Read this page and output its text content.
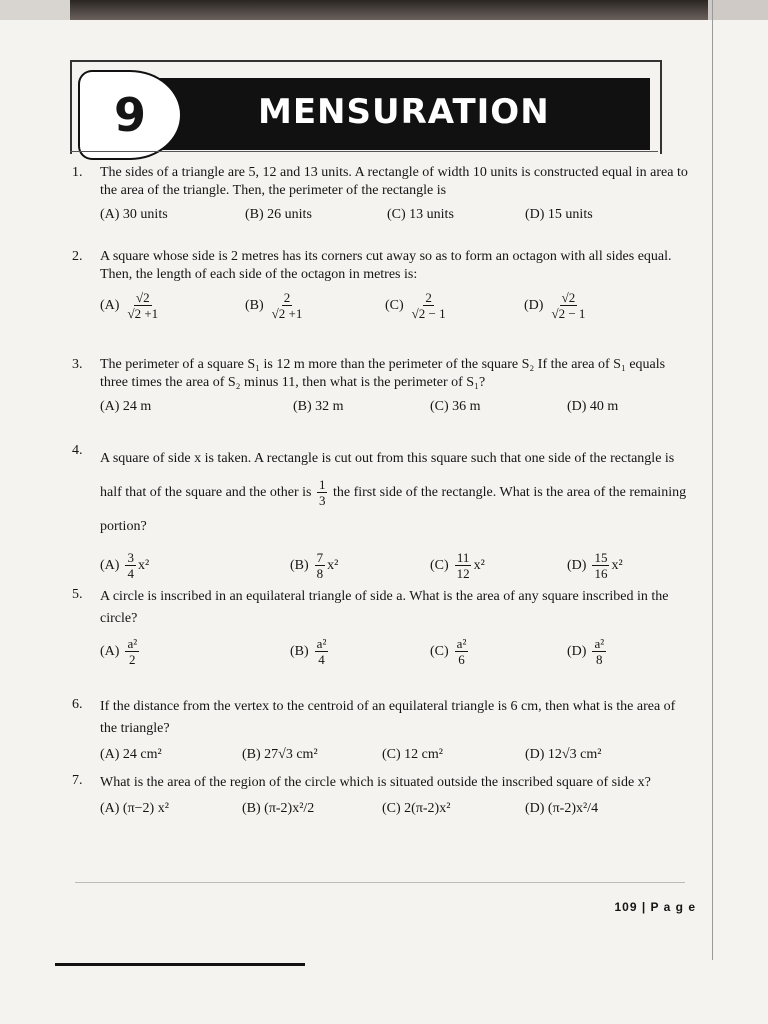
9	MENSURATION
1. The sides of a triangle are 5, 12 and 13 units. A rectangle of width 10 units is constructed equal in area to the area of the triangle. Then, the perimeter of the rectangle is
(A) 30 units	(B) 26 units	(C) 13 units	(D) 15 units
2. A square whose side is 2 metres has its corners cut away so as to form an octagon with all sides equal. Then, the length of each side of the octagon in metres is:
$(A) \frac{√2}{√2 +1}$	$(B) \frac{2}{√2 +1}$	$(C) \frac{2}{√2 - 1}$	$(D) \frac{√2}{√2 - 1}$
3. The perimeter of a square S₁ is 12 m more than the perimeter of the square S₂ If the area of S₁ equals three times the area of S₂ minus 11, then what is the perimeter of S₁?
(A) 24 m	(B) 32 m	(C) 36 m	(D) 40 m
4.
A square of side x is taken. A rectangle is cut out from this square such that one side of the rectangle is half that of the square and the other is $\frac{1}{3}$ the first side of the rectangle. What is the area of the remaining portion?
$(A) \frac{3}{4} x^2$	$(B) \frac{7}{8} x^2$	$(C) \frac{11}{12} x^2$	$(D) \frac{15}{16} x^2$
5. A circle is inscribed in an equilateral triangle of side a. What is the area of any square inscribed in the circle?
$(A) \frac{\text{a²}}{2}$	$(B) \frac{\text{a²}}{4}$	$(C) \frac{\text{a²}}{6}$	$(D) \frac{\text{a²}}{8}$
6. If the distance from the vertex to the centroid of an equilateral triangle is 6 cm, then what is the area of the triangle?
(A) 24 cm²	(B) 27√3 cm²	(C) 12 cm²	(D) 12√3 cm²
7. What is the area of the region of the circle which is situated outside the inscribed square of side x?
(A) (π−2) x²	(B) (π-2)x²/2	(C) 2(π-2)x²	(D) (π-2)x²/4
109 | P a g e
